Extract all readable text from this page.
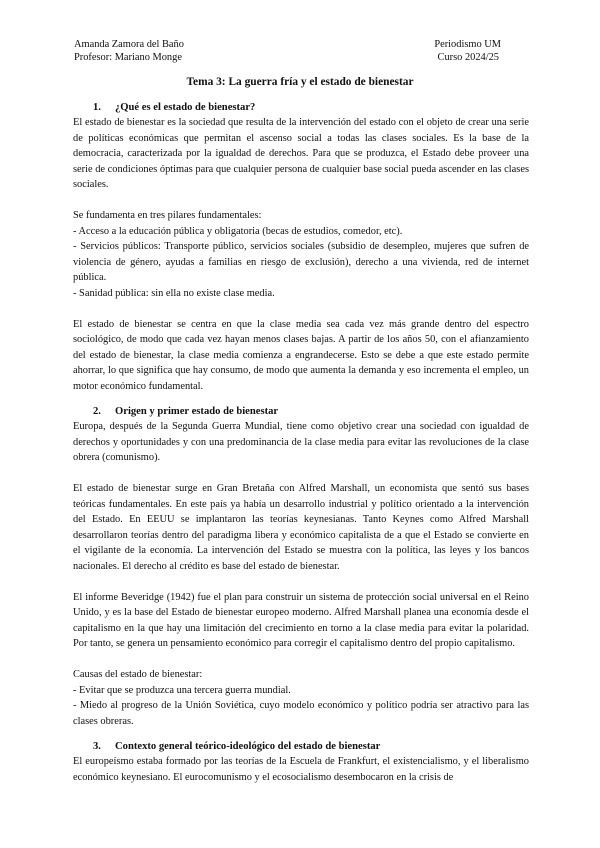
Amanda Zamora del Baño
Profesor: Mariano Monge
Periodismo UM
Curso 2024/25
Tema 3: La guerra fría y el estado de bienestar
1. ¿Qué es el estado de bienestar?

El estado de bienestar es la sociedad que resulta de la intervención del estado con el objeto de crear una serie de políticas económicas que permitan el ascenso social a todas las clases sociales. Es la base de la democracia, caracterizada por la igualdad de derechos. Para que se produzca, el Estado debe proveer una serie de condiciones óptimas para que cualquier persona de cualquier base social pueda ascender en las clases sociales.

Se fundamenta en tres pilares fundamentales:

- Acceso a la educación pública y obligatoria (becas de estudios, comedor, etc).

- Servicios públicos: Transporte público, servicios sociales (subsidio de desempleo, mujeres que sufren de violencia de género, ayudas a familias en riesgo de exclusión), derecho a una vivienda, red de internet pública.

- Sanidad pública: sin ella no existe clase media.

El estado de bienestar se centra en que la clase media sea cada vez más grande dentro del espectro sociológico, de modo que cada vez hayan menos clases bajas. A partir de los años 50, con el afianzamiento del estado de bienestar, la clase media comienza a engrandecerse. Esto se debe a que este estado permite ahorrar, lo que significa que hay consumo, de modo que aumenta la demanda y eso incrementa el empleo, un motor económico fundamental.

2. Origen y primer estado de bienestar

Europa, después de la Segunda Guerra Mundial, tiene como objetivo crear una sociedad con igualdad de derechos y oportunidades y con una predominancia de la clase media para evitar las revoluciones de la clase obrera (comunismo).

El estado de bienestar surge en Gran Bretaña con Alfred Marshall, un economista que sentó sus bases teóricas fundamentales. En este país ya había un desarrollo industrial y político orientado a la intervención del Estado. En EEUU se implantaron las teorías keynesianas. Tanto Keynes como Alfred Marshall desarrollaron teorías dentro del paradigma libera y económico capitalista de a que el Estado se convierte en el vigilante de la economía. La intervención del Estado se muestra con la política, las leyes y los bancos nacionales. El derecho al crédito es base del estado de bienestar.

El informe Beveridge (1942) fue el plan para construir un sistema de protección social universal en el Reino Unido, y es la base del Estado de bienestar europeo moderno. Alfred Marshall planea una economía desde el capitalismo en la que hay una limitación del crecimiento en torno a la clase media para evitar la polaridad. Por tanto, se genera un pensamiento económico para corregir el capitalismo dentro del propio capitalismo.

Causas del estado de bienestar:

- Evitar que se produzca una tercera guerra mundial.

- Miedo al progreso de la Unión Soviética, cuyo modelo económico y político podría ser atractivo para las clases obreras.

3. Contexto general teórico-ideológico del estado de bienestar

El europeísmo estaba formado por las teorías de la Escuela de Frankfurt, el existencialismo, y el liberalismo económico keynesiano. El eurocomunismo y el ecosocialismo desembocaron en la crisis de
